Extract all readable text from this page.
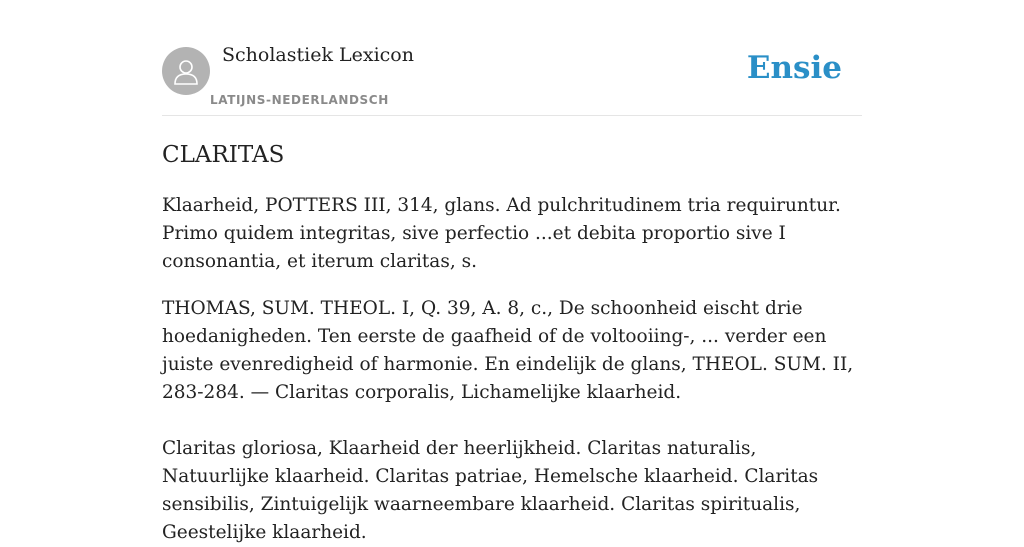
Scholastiek Lexicon
LATIJNS-NEDERLANDSCH
Ensie
CLARITAS

Klaarheid, POTTERS III, 314, glans. Ad pulchritudinem tria requiruntur. Primo quidem integritas, sive perfectio ...et debita proportio sive I consonantia, et iterum claritas, s.

THOMAS, SUM. THEOL. I, Q. 39, A. 8, c., De schoonheid eischt drie hoedanigheden. Ten eerste de gaafheid of de voltooiing-, ... verder een juiste evenredigheid of harmonie. En eindelijk de glans, THEOL. SUM. II, 283-284. — Claritas corporalis, Lichamelijke klaarheid.

Claritas gloriosa, Klaarheid der heerlijkheid. Claritas naturalis, Natuurlijke klaarheid. Claritas patriae, Hemelsche klaarheid. Claritas sensibilis, Zintuigelijk waarneembare klaarheid. Claritas spiritualis, Geestelijke klaarheid.
